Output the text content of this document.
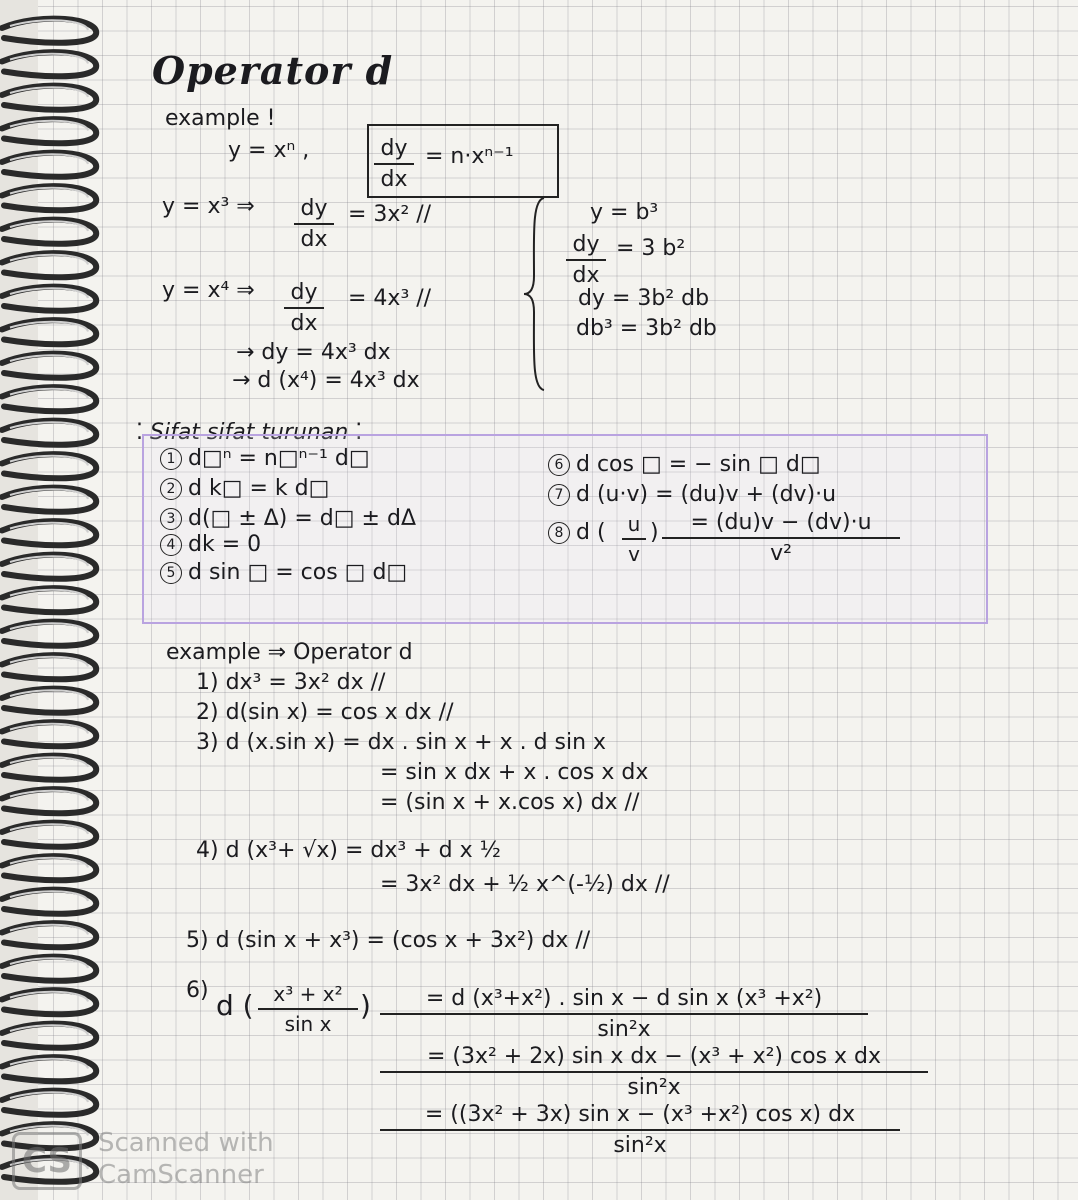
Operator d
example !
y = xⁿ ,	dy
dx
= n·xⁿ⁻¹
y = x³ ⇒ dy
dx
= 3x² //
y = x⁴ ⇒ dy
dx
= 4x³ //
→ dy = 4x³ dx
→ d (x⁴) = 4x³ dx
y = b³
dy
dx
= 3 b²
dy = 3b² db
db³ = 3b² db
⁚ Sifat sifat turunan ⁚
1 d□ⁿ = n□ⁿ⁻¹ d□
2 d k□ = k d□
3 d(□ ± Δ) = d□ ± dΔ
4 dk = 0
5 d sin □ = cos □ d□
6 d cos □ = − sin □ d□
7 d (u·v) = (du)v + (dv)·u
8 d ( u
v
)	= (du)v − (dv)·u
v²
example ⇒ Operator d
1) dx³ = 3x² dx //
2) d(sin x) = cos x dx //
3) d (x.sin x) = dx . sin x + x . d sin x
= sin x dx + x . cos x dx
= (sin x + x.cos x) dx //
4) d (x³+ √x) = dx³ + d x ½
= 3x² dx + ½ x^(-½) dx //
5) d (sin x + x³) = (cos x + 3x²) dx //
6) d ( x³ + x²
sin x
)	= d (x³+x²) . sin x − d sin x (x³ +x²)
sin²x
= (3x² + 2x) sin x dx − (x³ + x²) cos x dx
sin²x
= ((3x² + 3x) sin x − (x³ +x²) cos x) dx
sin²x
CS Scanned with
CamScanner
